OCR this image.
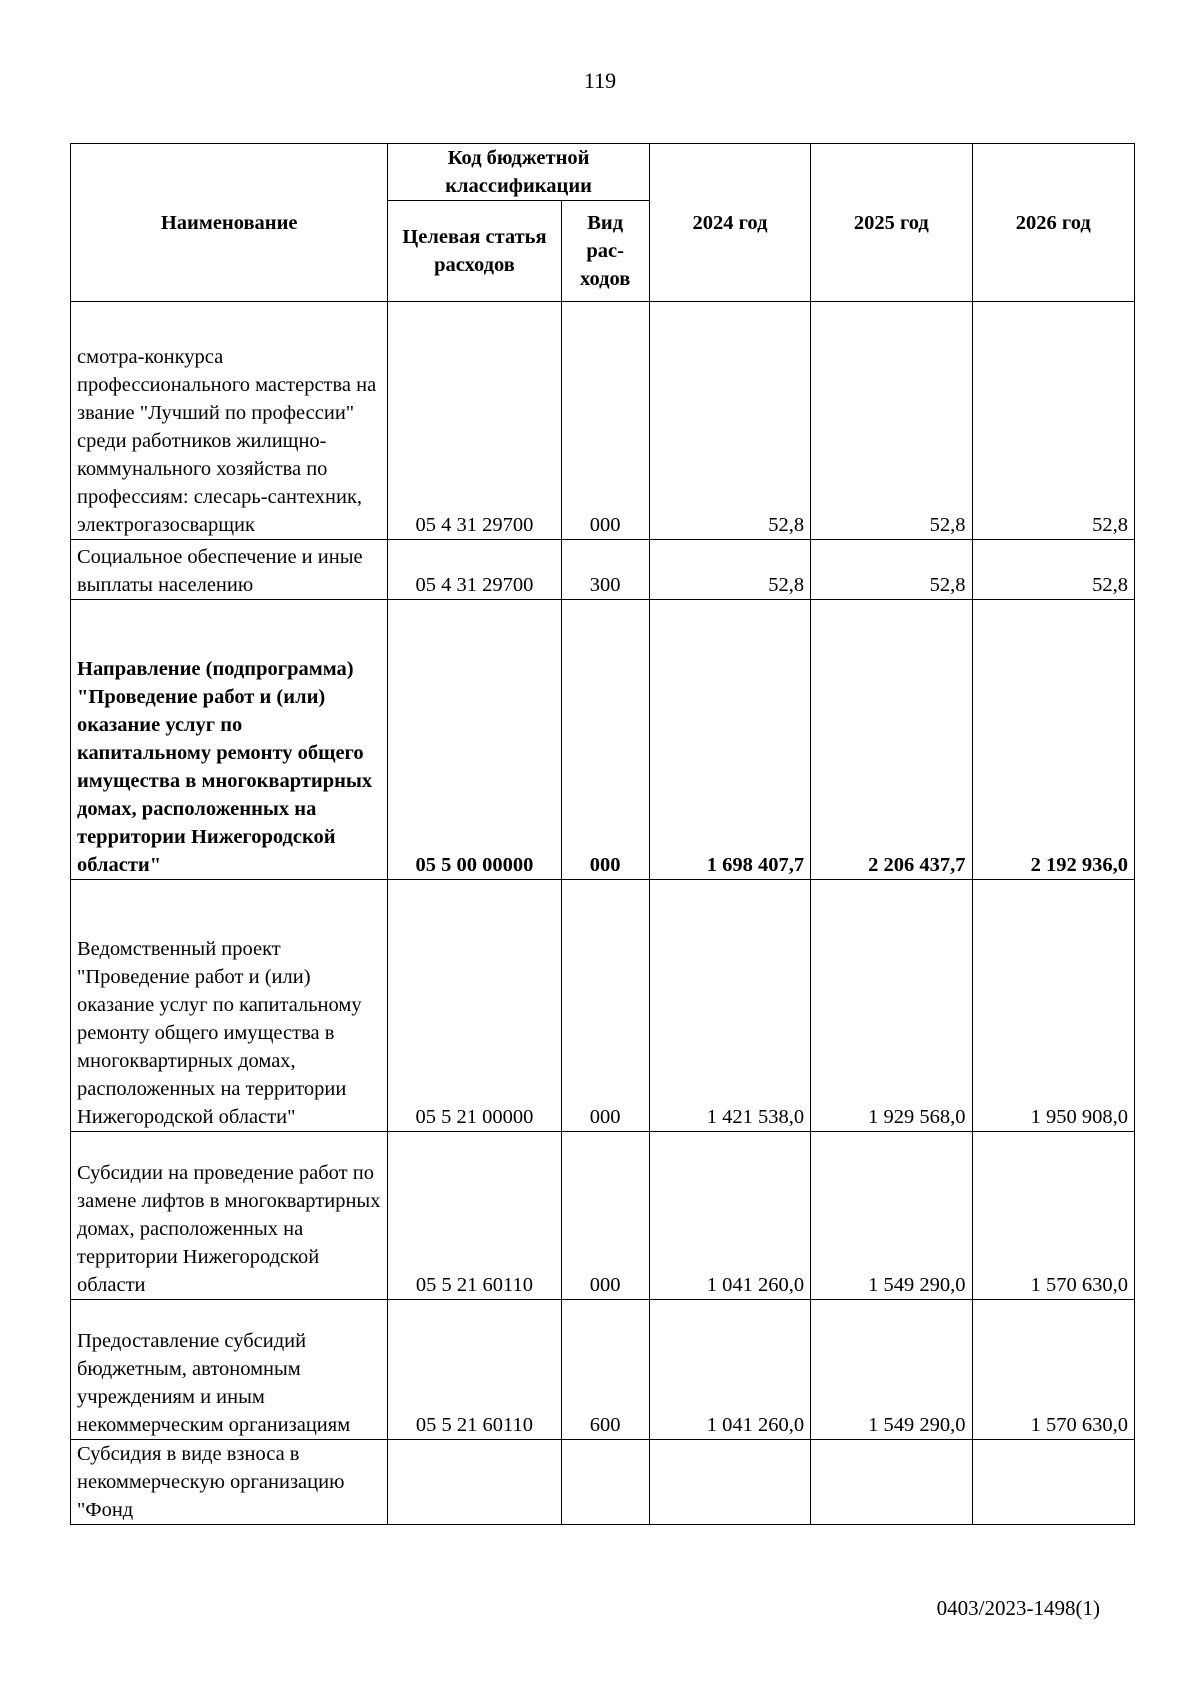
119
Наименование	Код бюджетной классификации		2024 год	2025 год	2026 год
	Целевая статья расходов	Вид рас-ходов			
смотра-конкурса профессионального мастерства на звание "Лучший по профессии" среди работников жилищно-коммунального хозяйства по профессиям: слесарь-сантехник, электрогазосварщик	05 4 31 29700	000	52,8	52,8	52,8
Социальное обеспечение и иные выплаты населению	05 4 31 29700	300	52,8	52,8	52,8
Направление (подпрограмма) "Проведение работ и (или) оказание услуг по капитальному ремонту общего имущества в многоквартирных домах, расположенных на территории Нижегородской области"	05 5 00 00000	000	1 698 407,7	2 206 437,7	2 192 936,0
Ведомственный проект "Проведение работ и (или) оказание услуг по капитальному ремонту общего имущества в многоквартирных домах, расположенных на территории Нижегородской области"	05 5 21 00000	000	1 421 538,0	1 929 568,0	1 950 908,0
Субсидии на проведение работ по замене лифтов в многоквартирных домах, расположенных на территории Нижегородской области	05 5 21 60110	000	1 041 260,0	1 549 290,0	1 570 630,0
Предоставление субсидий бюджетным, автономным учреждениям и иным некоммерческим организациям	05 5 21 60110	600	1 041 260,0	1 549 290,0	1 570 630,0
Субсидия в виде взноса в некоммерческую организацию "Фонд					
0403/2023-1498(1)
